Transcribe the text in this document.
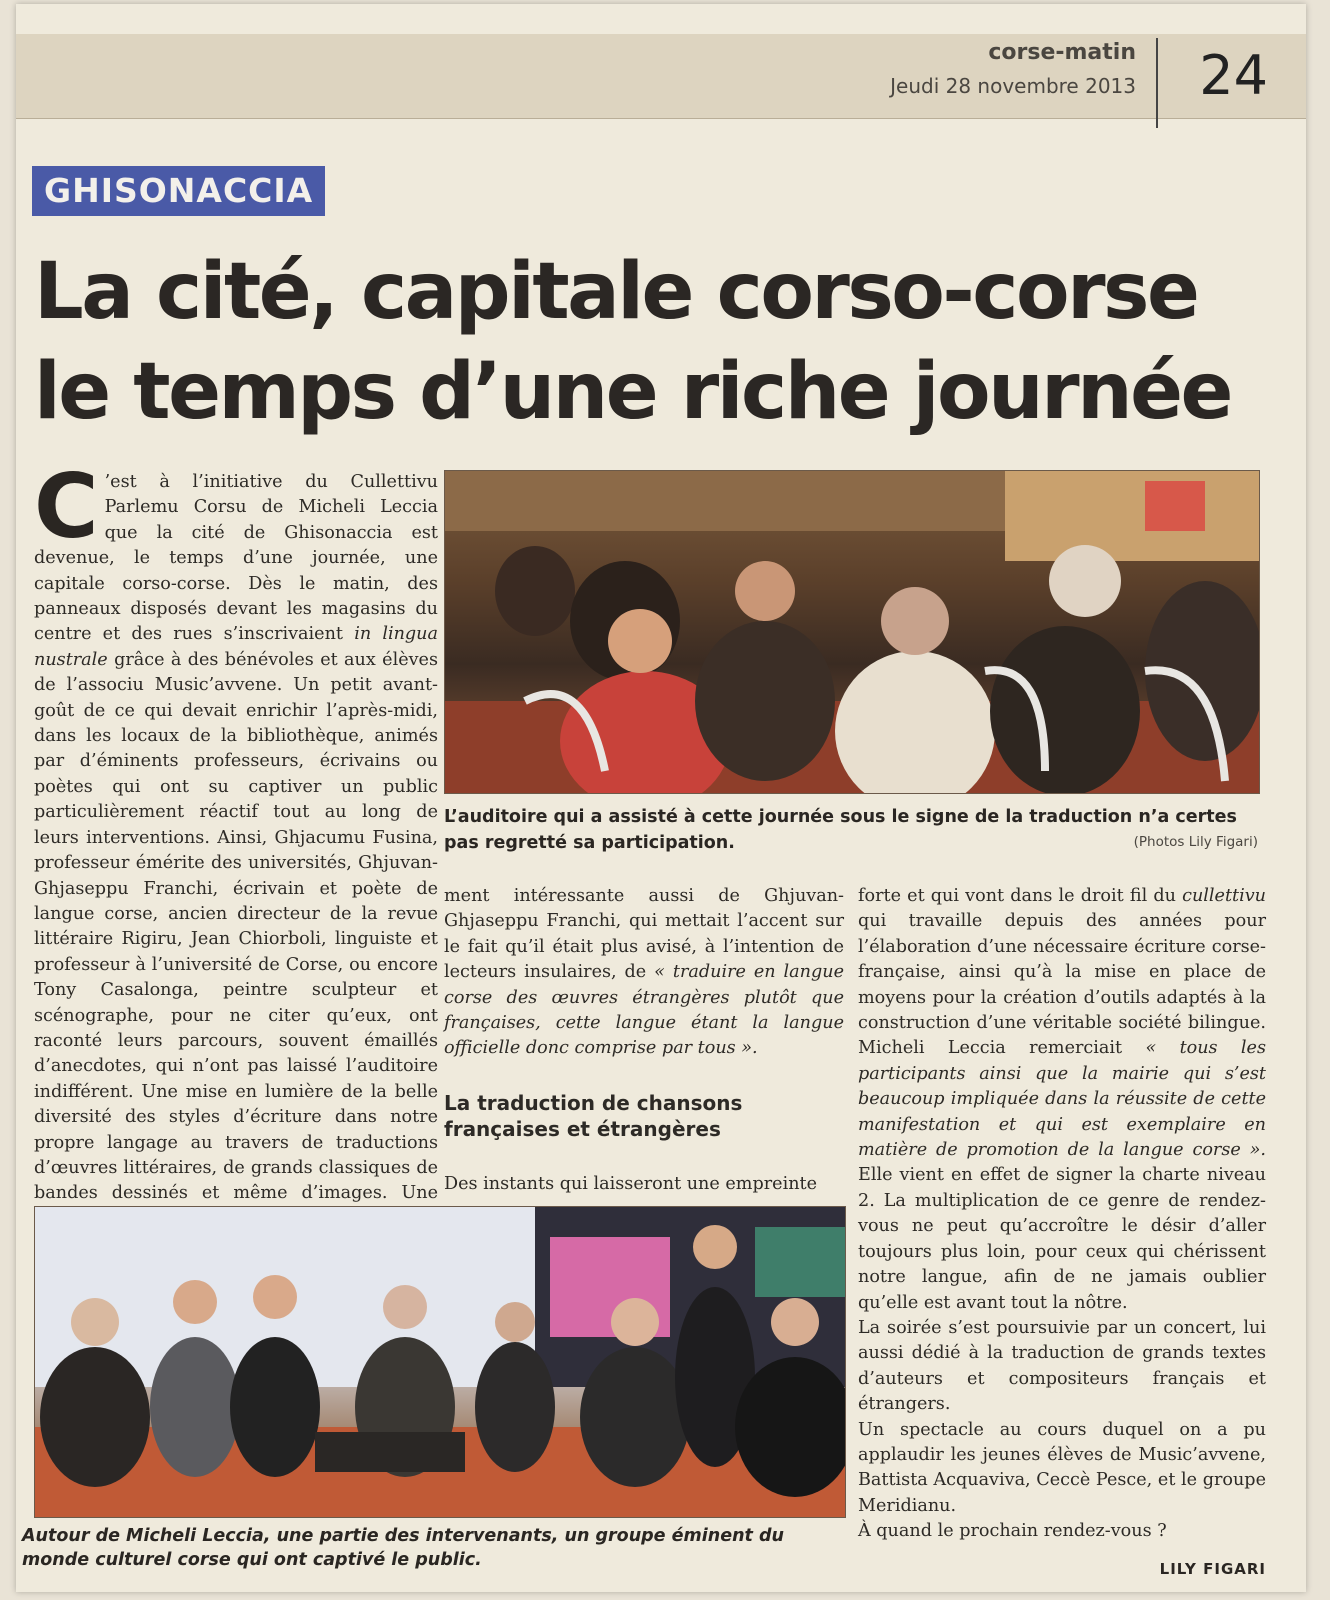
corse-matin
Jeudi 28 novembre 2013 24
GHISONACCIA
La cité, capitale corso-corse
le temps d’une riche journée

C ’est à l’initiative du Cullettivu Parlemu Corsu de Micheli Leccia que la cité de Ghisonaccia est devenue, le temps d’une journée, une capitale corso-corse. Dès le matin, des panneaux disposés devant les magasins du centre et des rues s’inscrivaient in lingua nustrale grâce à des bénévoles et aux élèves de l’associu Music’avvene. Un petit avant-goût de ce qui devait enrichir l’après-midi, dans les locaux de la bibliothèque, animés par d’éminents professeurs, écrivains ou poètes qui ont su captiver un public particulièrement réactif tout au long de leurs interventions. Ainsi, Ghjacumu Fusina, professeur émérite des universités, Ghjuvan-Ghjaseppu Franchi, écrivain et poète de langue corse, ancien directeur de la revue littéraire Rigiru, Jean Chiorboli, linguiste et professeur à l’université de Corse, ou encore Tony Casalonga, peintre sculpteur et scénographe, pour ne citer qu’eux, ont raconté leurs parcours, souvent émaillés d’anecdotes, qui n’ont pas laissé l’auditoire indifférent. Une mise en lumière de la belle diversité des styles d’écriture dans notre propre langage au travers de traductions d’œuvres littéraires, de grands classiques de bandes dessinés et même d’images. Une

L’auditoire qui a assisté à cette journée sous le signe de la traduction n’a certes pas regretté sa participation.	(Photos Lily Figari)

ment intéressante aussi de Ghjuvan-Ghjaseppu Franchi, qui mettait l’accent sur le fait qu’il était plus avisé, à l’intention de lecteurs insulaires, de « traduire en langue corse des œuvres étrangères plutôt que françaises, cette langue étant la langue officielle donc comprise par tous ».

La traduction de chansons françaises et étrangères

Des instants qui laisseront une empreinte

forte et qui vont dans le droit fil du cullettivu qui travaille depuis des années pour l’élaboration d’une nécessaire écriture corse-française, ainsi qu’à la mise en place de moyens pour la création d’outils adaptés à la construction d’une véritable société bilingue. Micheli Leccia remerciait « tous les participants ainsi que la mairie qui s’est beaucoup impliquée dans la réussite de cette manifestation et qui est exemplaire en matière de promotion de la langue corse ». Elle vient en effet de signer la charte niveau 2. La multiplication de ce genre de rendez-vous ne peut qu’accroître le désir d’aller toujours plus loin, pour ceux qui chérissent notre langue, afin de ne jamais oublier qu’elle est avant tout la nôtre.

La soirée s’est poursuivie par un concert, lui aussi dédié à la traduction de grands textes d’auteurs et compositeurs français et étrangers.

Un spectacle au cours duquel on a pu applaudir les jeunes élèves de Music’avvene, Battista Acquaviva, Ceccè Pesce, et le groupe Meridianu.

À quand le prochain rendez-vous ?

Autour de Micheli Leccia, une partie des intervenants, un groupe éminent du monde culturel corse qui ont captivé le public.	LILY FIGARI
